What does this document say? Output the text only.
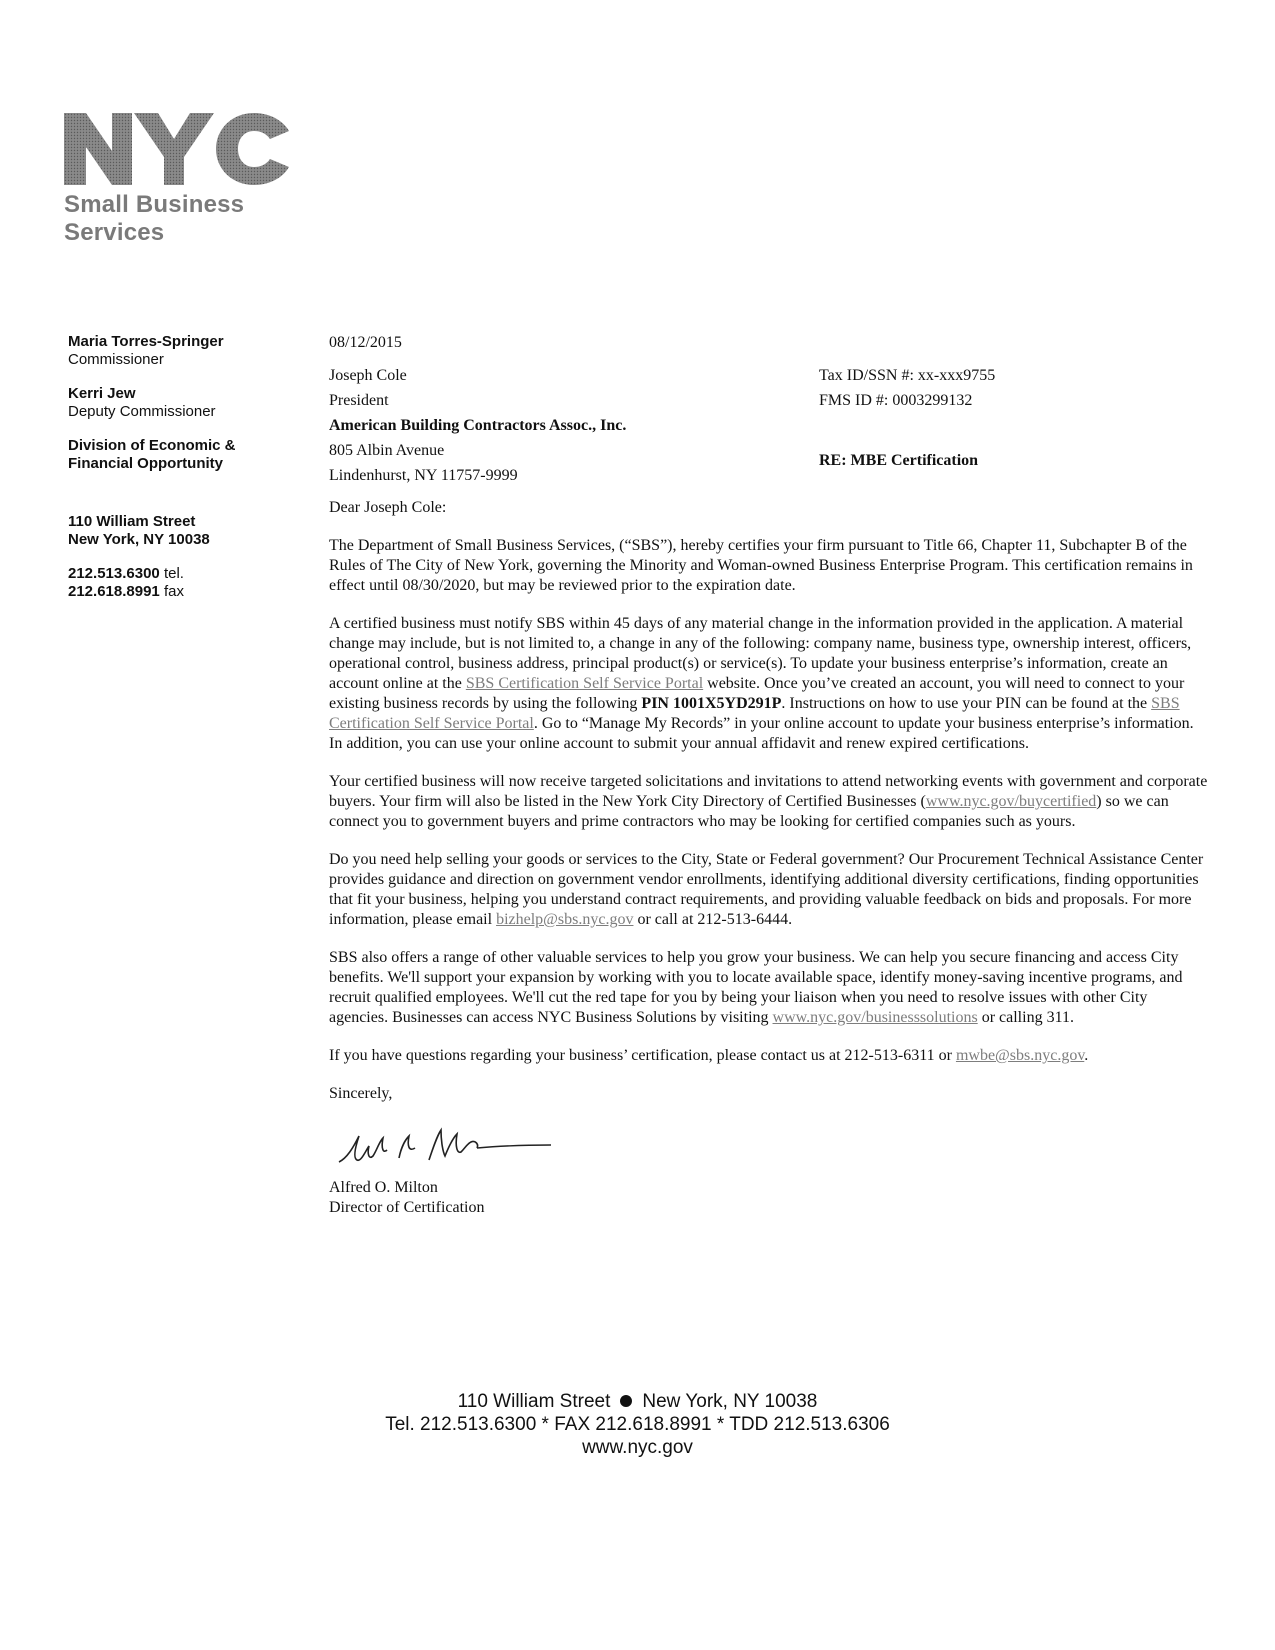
Small Business
Services
Maria Torres-Springer
Commissioner
Kerri Jew
Deputy Commissioner
Division of Economic &
Financial Opportunity
110 William Street
New York, NY 10038
212.513.6300 tel.
212.618.8991 fax
08/12/2015
Joseph Cole
President
American Building Contractors Assoc., Inc.
805 Albin Avenue
Lindenhurst, NY 11757-9999
Tax ID/SSN #: xx-xxx9755
FMS ID #: 0003299132
RE: MBE Certification
Dear Joseph Cole:

The Department of Small Business Services, (“SBS”), hereby certifies your firm pursuant to Title 66, Chapter 11, Subchapter B of the Rules of The City of New York, governing the Minority and Woman-owned Business Enterprise Program. This certification remains in effect until 08/30/2020, but may be reviewed prior to the expiration date.

A certified business must notify SBS within 45 days of any material change in the information provided in the application. A material change may include, but is not limited to, a change in any of the following: company name, business type, ownership interest, officers, operational control, business address, principal product(s) or service(s). To update your business enterprise’s information, create an account online at the SBS Certification Self Service Portal website. Once you’ve created an account, you will need to connect to your existing business records by using the following PIN 1001X5YD291P. Instructions on how to use your PIN can be found at the SBS Certification Self Service Portal. Go to “Manage My Records” in your online account to update your business enterprise’s information. In addition, you can use your online account to submit your annual affidavit and renew expired certifications.

Your certified business will now receive targeted solicitations and invitations to attend networking events with government and corporate buyers. Your firm will also be listed in the New York City Directory of Certified Businesses (www.nyc.gov/buycertified) so we can connect you to government buyers and prime contractors who may be looking for certified companies such as yours.

Do you need help selling your goods or services to the City, State or Federal government? Our Procurement Technical Assistance Center provides guidance and direction on government vendor enrollments, identifying additional diversity certifications, finding opportunities that fit your business, helping you understand contract requirements, and providing valuable feedback on bids and proposals. For more information, please email bizhelp@sbs.nyc.gov or call at 212-513-6444.

SBS also offers a range of other valuable services to help you grow your business. We can help you secure financing and access City benefits. We'll support your expansion by working with you to locate available space, identify money-saving incentive programs, and recruit qualified employees. We'll cut the red tape for you by being your liaison when you need to resolve issues with other City agencies. Businesses can access NYC Business Solutions by visiting www.nyc.gov/businesssolutions or calling 311.

If you have questions regarding your business’ certification, please contact us at 212-513-6311 or mwbe@sbs.nyc.gov.

Sincerely,
Alfred O. Milton
Director of Certification
110 William Street New York, NY 10038
Tel. 212.513.6300 * FAX 212.618.8991 * TDD 212.513.6306
www.nyc.gov
